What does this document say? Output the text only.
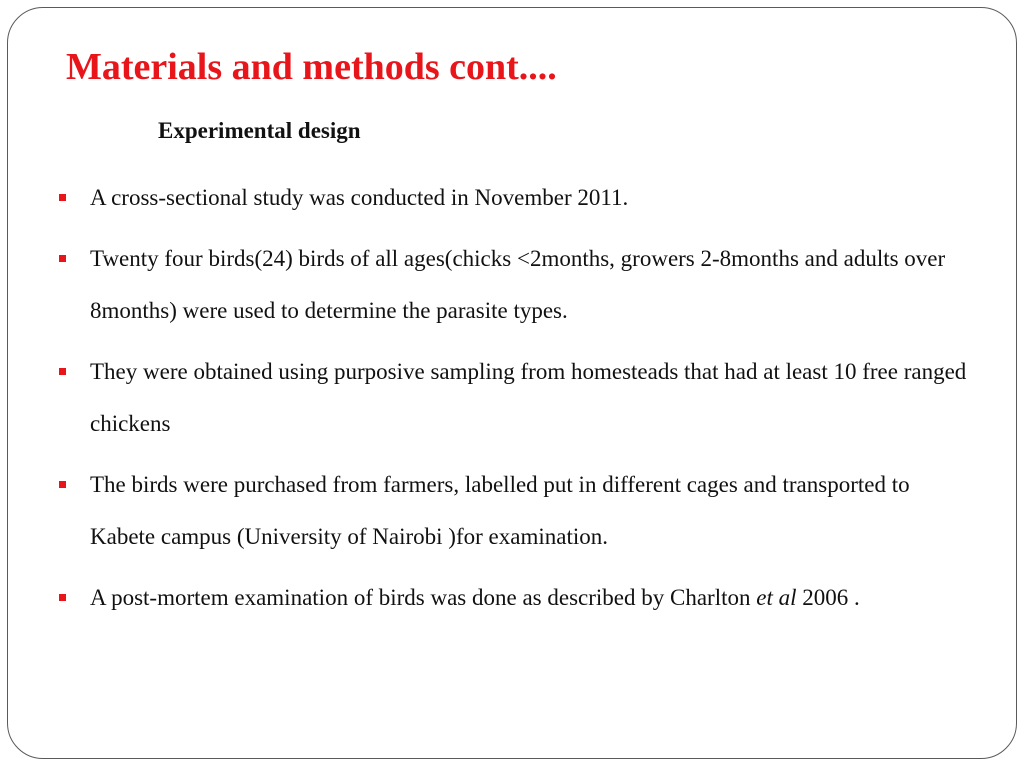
Materials and methods cont....
Experimental design
A cross-sectional study was conducted in November 2011.
Twenty four birds(24) birds of all ages(chicks <2months, growers 2-8months and adults over 8months) were used to determine the parasite types.
They were obtained using purposive sampling from homesteads that had at least 10 free ranged chickens
The birds were purchased from farmers, labelled put in different cages and transported to Kabete campus (University of Nairobi )for examination.
A post-mortem examination of birds was done as described by Charlton et al 2006 .
